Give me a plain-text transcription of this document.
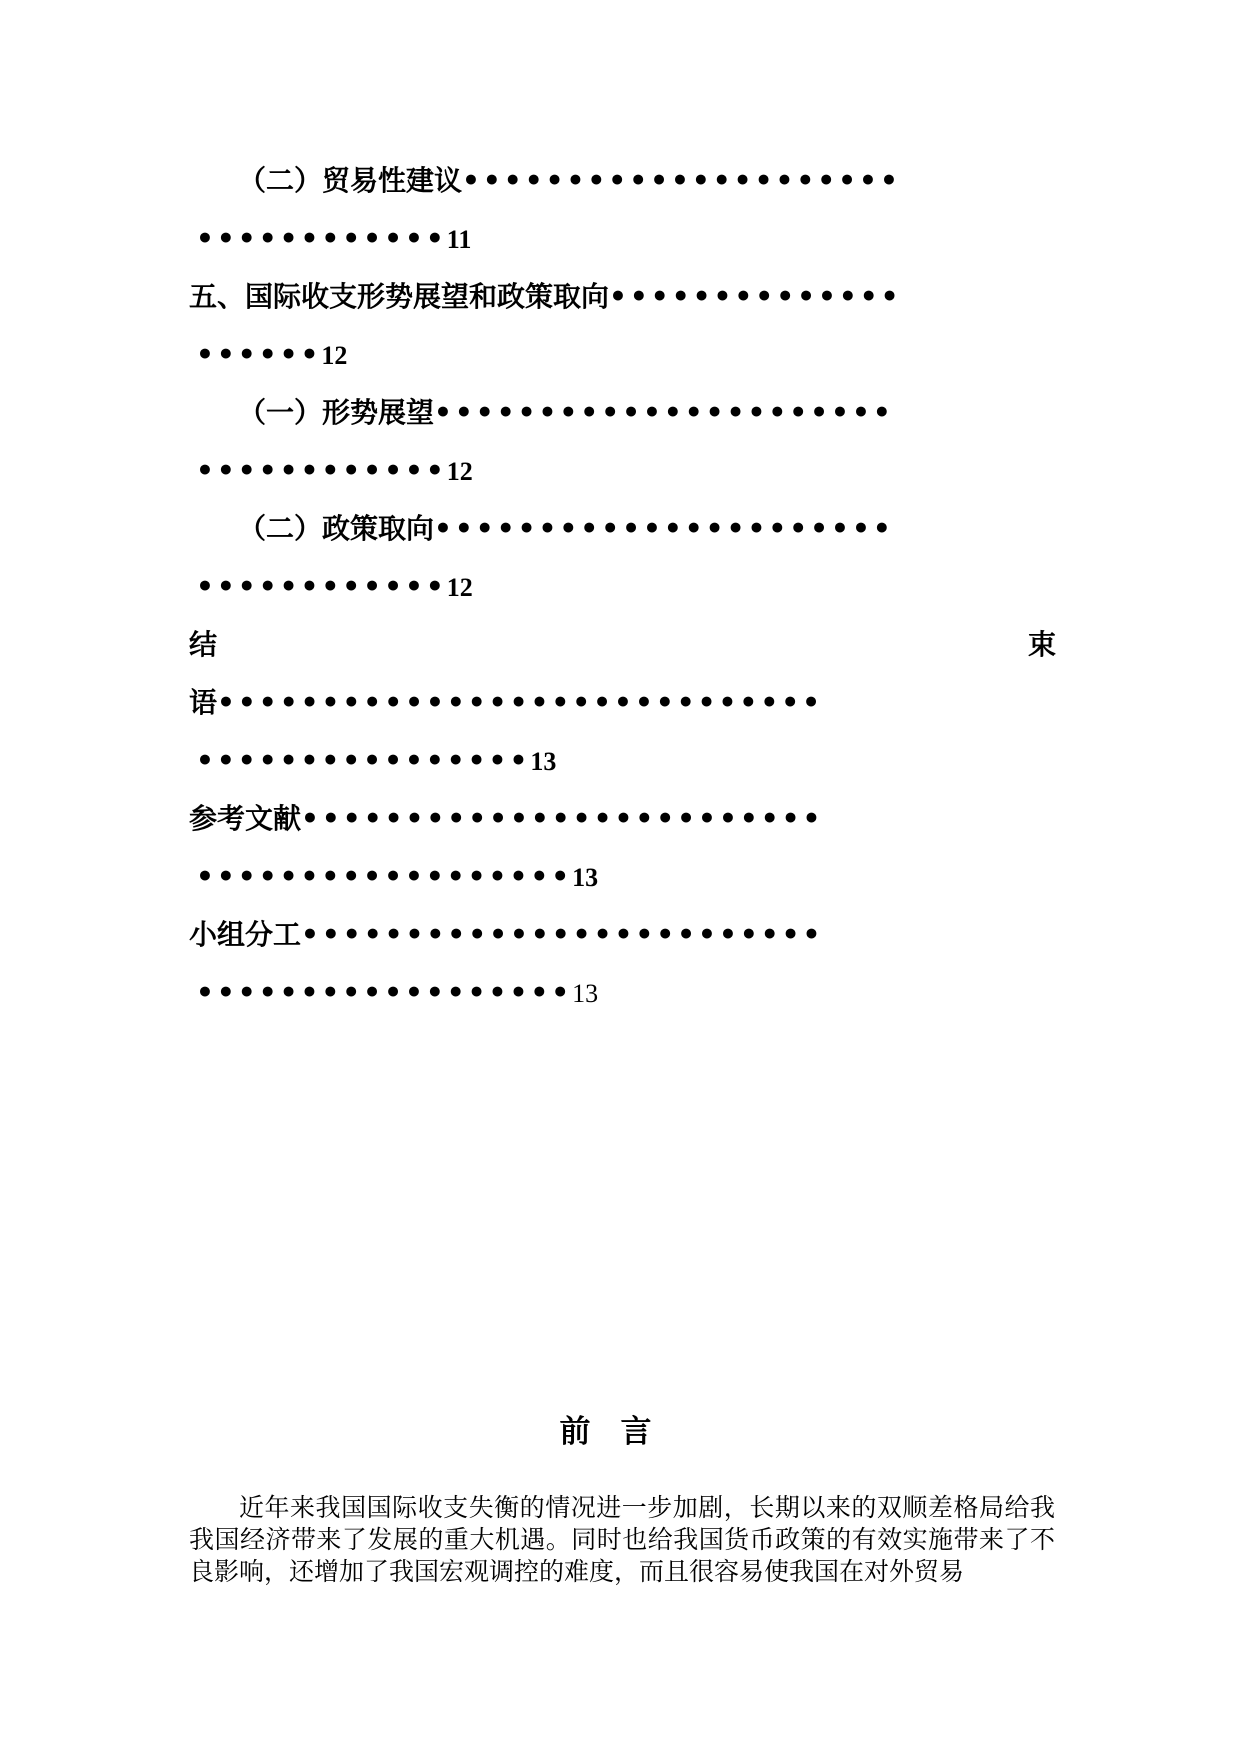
（二）贸易性建议•••••••••••••••••••••
••••••••••••11
五、国际收支形势展望和政策取向••••••••••••••
••••••12
（一）形势展望••••••••••••••••••••••
••••••••••••12
（二）政策取向••••••••••••••••••••••
••••••••••••12
结	束
语•••••••••••••••••••••••••••••
••••••••••••••••13
参考文献•••••••••••••••••••••••••
••••••••••••••••••13
小组分工•••••••••••••••••••••••••
••••••••••••••••••13
前言
近年来我国国际收支失衡的情况进一步加剧，长期以来的双顺差格局给我我国经济带来了发展的重大机遇。同时也给我国货币政策的有效实施带来了不良影响，还增加了我国宏观调控的难度，而且很容易使我国在对外贸易
